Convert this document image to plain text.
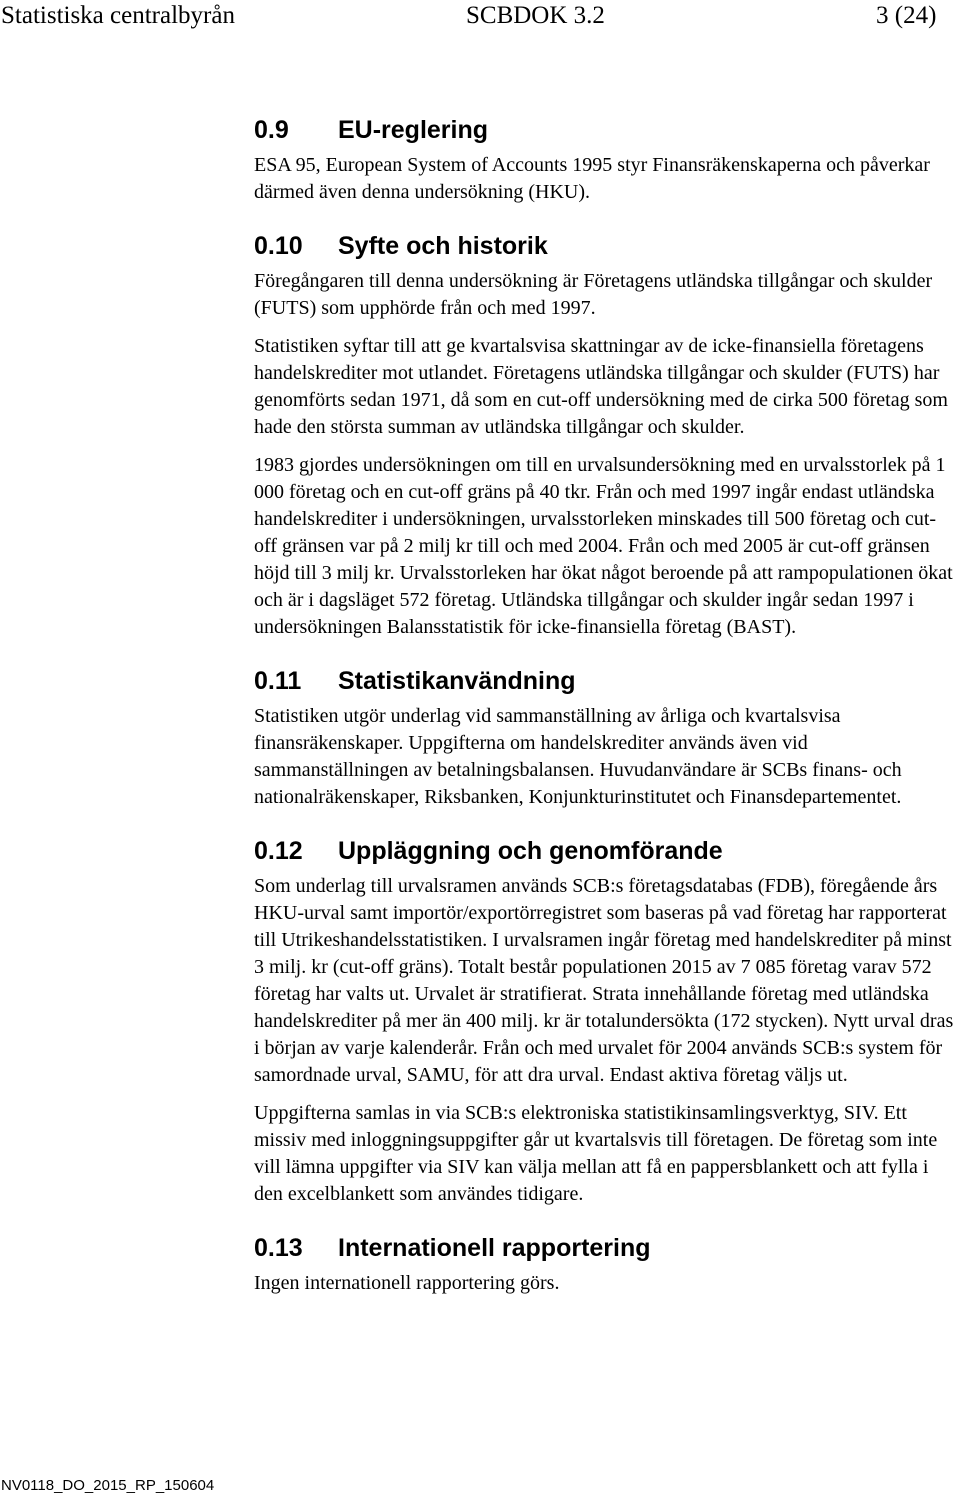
Statistiska centralbyrån	SCBDOK 3.2	3 (24)
0.9 EU-reglering

ESA 95, European System of Accounts 1995 styr Finansräkenskaperna och påverkar därmed även denna undersökning (HKU).

0.10 Syfte och historik

Föregångaren till denna undersökning är Företagens utländska tillgångar och skulder (FUTS) som upphörde från och med 1997.

Statistiken syftar till att ge kvartalsvisa skattningar av de icke-finansiella företagens handelskrediter mot utlandet. Företagens utländska tillgångar och skulder (FUTS) har genomförts sedan 1971, då som en cut-off undersökning med de cirka 500 företag som hade den största summan av utländska tillgångar och skulder.

1983 gjordes undersökningen om till en urvalsundersökning med en urvalsstorlek på 1 000 företag och en cut-off gräns på 40 tkr. Från och med 1997 ingår endast utländska handelskrediter i undersökningen, urvalsstorleken minskades till 500 företag och cut-off gränsen var på 2 milj kr till och med 2004. Från och med 2005 är cut-off gränsen höjd till 3 milj kr. Urvalsstorleken har ökat något beroende på att rampopulationen ökat och är i dagsläget 572 företag. Utländska tillgångar och skulder ingår sedan 1997 i undersökningen Balansstatistik för icke-finansiella företag (BAST).

0.11 Statistikanvändning

Statistiken utgör underlag vid sammanställning av årliga och kvartalsvisa finansräkenskaper. Uppgifterna om handelskrediter används även vid sammanställningen av betalningsbalansen. Huvudanvändare är SCBs finans- och nationalräkenskaper, Riksbanken, Konjunkturinstitutet och Finansdepartementet.

0.12 Uppläggning och genomförande

Som underlag till urvalsramen används SCB:s företagsdatabas (FDB), föregående års HKU-urval samt importör/exportörregistret som baseras på vad företag har rapporterat till Utrikeshandelsstatistiken. I urvalsramen ingår företag med handelskrediter på minst 3 milj. kr (cut-off gräns). Totalt består populationen 2015 av 7 085 företag varav 572 företag har valts ut. Urvalet är stratifierat. Strata innehållande företag med utländska handelskrediter på mer än 400 milj. kr är totalundersökta (172 stycken). Nytt urval dras i början av varje kalenderår. Från och med urvalet för 2004 används SCB:s system för samordnade urval, SAMU, för att dra urval. Endast aktiva företag väljs ut.

Uppgifterna samlas in via SCB:s elektroniska statistikinsamlingsverktyg, SIV. Ett missiv med inloggningsuppgifter går ut kvartalsvis till företagen. De företag som inte vill lämna uppgifter via SIV kan välja mellan att få en pappersblankett och att fylla i den excelblankett som användes tidigare.

0.13 Internationell rapportering

Ingen internationell rapportering görs.

NV0118_DO_2015_RP_150604
